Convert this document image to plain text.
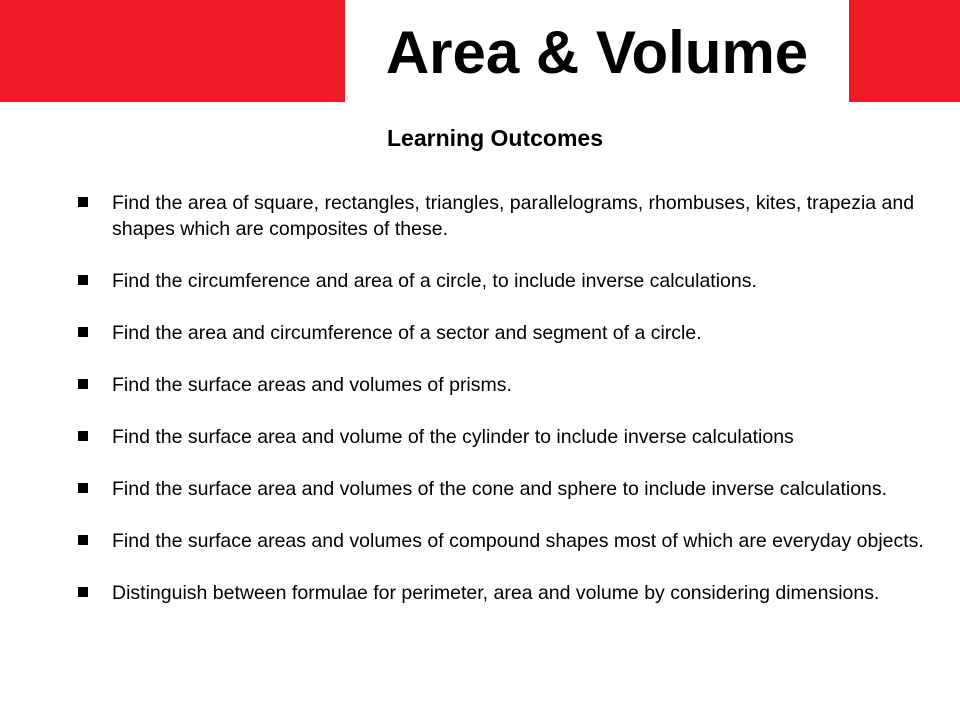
Area & Volume
Learning Outcomes
Find the area of square, rectangles, triangles, parallelograms, rhombuses, kites, trapezia and shapes which are composites of these.
Find the circumference and area of a circle, to include inverse calculations.
Find the area and circumference of a sector and segment of a circle.
Find the surface areas and volumes of prisms.
Find the surface area and volume of the cylinder to include inverse calculations
Find the surface area and volumes of the cone and sphere to include inverse calculations.
Find the surface areas and volumes of compound shapes most of which are everyday objects.
Distinguish between formulae for perimeter, area and volume by considering dimensions.
